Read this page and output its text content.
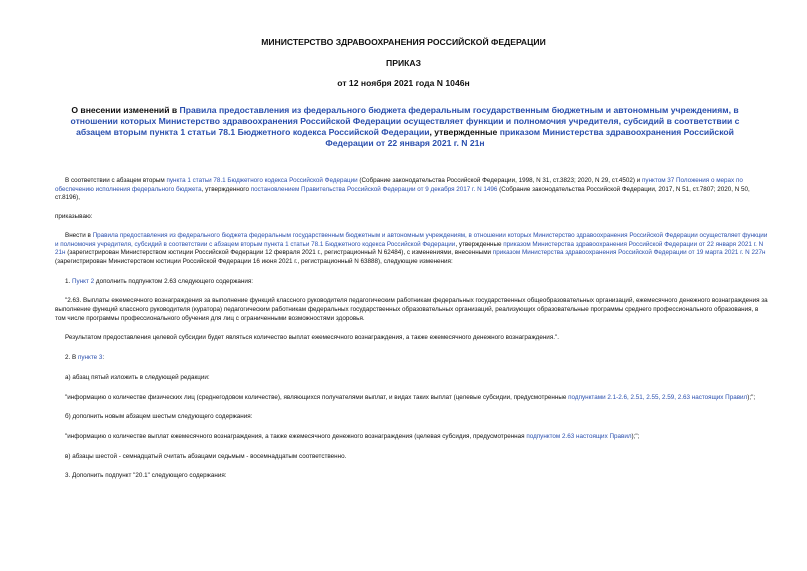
МИНИСТЕРСТВО ЗДРАВООХРАНЕНИЯ РОССИЙСКОЙ ФЕДЕРАЦИИ
ПРИКАЗ
от 12 ноября 2021 года N 1046н
О внесении изменений в Правила предоставления из федерального бюджета федеральным государственным бюджетным и автономным учреждениям, в отношении которых Министерство здравоохранения Российской Федерации осуществляет функции и полномочия учредителя, субсидий в соответствии с абзацем вторым пункта 1 статьи 78.1 Бюджетного кодекса Российской Федерации, утвержденные приказом Министерства здравоохранения Российской Федерации от 22 января 2021 г. N 21н

В соответствии с абзацем вторым пункта 1 статьи 78.1 Бюджетного кодекса Российской Федерации (Собрание законодательства Российской Федерации, 1998, N 31, ст.3823; 2020, N 29, ст.4502) и пунктом 37 Положения о мерах по обеспечению исполнения федерального бюджета, утвержденного постановлением Правительства Российской Федерации от 9 декабря 2017 г. N 1496 (Собрание законодательства Российской Федерации, 2017, N 51, ст.7807; 2020, N 50, ст.8196),

приказываю:

Внести в Правила предоставления из федерального бюджета федеральным государственным бюджетным и автономным учреждениям, в отношении которых Министерство здравоохранения Российской Федерации осуществляет функции и полномочия учредителя, субсидий в соответствии с абзацем вторым пункта 1 статьи 78.1 Бюджетного кодекса Российской Федерации, утвержденные приказом Министерства здравоохранения Российской Федерации от 22 января 2021 г. N 21н (зарегистрирован Министерством юстиции Российской Федерации 12 февраля 2021 г., регистрационный N 62484), с изменениями, внесенными приказом Министерства здравоохранения Российской Федерации от 19 марта 2021 г. N 227н (зарегистрирован Министерством юстиции Российской Федерации 16 июня 2021 г., регистрационный N 63888), следующие изменения:

1. Пункт 2 дополнить подпунктом 2.63 следующего содержания:

"2.63. Выплаты ежемесячного вознаграждения за выполнение функций классного руководителя педагогическим работникам федеральных государственных общеобразовательных организаций, ежемесячного денежного вознаграждения за выполнение функций классного руководителя (куратора) педагогическим работникам федеральных государственных образовательных организаций, реализующих образовательные программы среднего профессионального образования, в том числе программы профессионального обучения для лиц с ограниченными возможностями здоровья.

Результатом предоставления целевой субсидии будет являться количество выплат ежемесячного вознаграждения, а также ежемесячного денежного вознаграждения.".

2. В пункте 3:

а) абзац пятый изложить в следующей редакции:

"информацию о количестве физических лиц (среднегодовом количестве), являющихся получателями выплат, и видах таких выплат (целевые субсидии, предусмотренные подпунктами 2.1-2.6, 2.51, 2.55, 2.59, 2.63 настоящих Правил);";

б) дополнить новым абзацем шестым следующего содержания:

"информацию о количестве выплат ежемесячного вознаграждения, а также ежемесячного денежного вознаграждения (целевая субсидия, предусмотренная подпунктом 2.63 настоящих Правил);";

в) абзацы шестой - семнадцатый считать абзацами седьмым - восемнадцатым соответственно.

3. Дополнить подпункт "20.1" следующего содержания:
